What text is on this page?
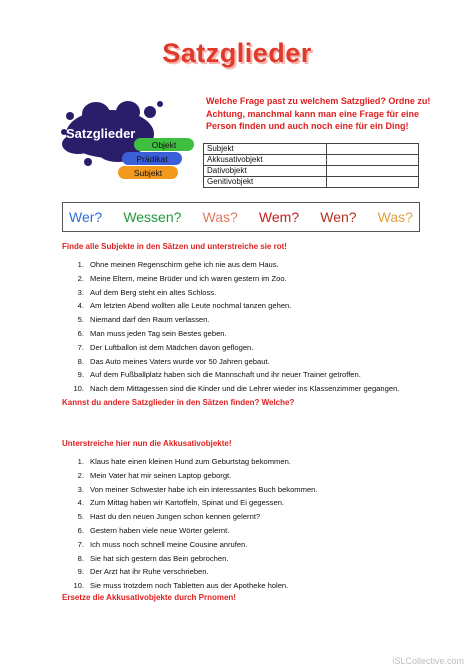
Satzglieder
Satzglieder
Objekt
Prädikat
Subjekt
Welche Frage past zu welchem Satzglied? Ordne zu!
Achtung, manchmal kann man eine Frage für eine
Person finden und auch noch eine für ein Ding!
Subjekt	
Akkusativobjekt	
Dativobjekt	
Genitivobjekt	
Wer? Wessen? Was? Wem? Wen? Was?
Finde alle Subjekte in den Sätzen und unterstreiche sie rot!
1. Ohne meinen Regenschirm gehe ich nie aus dem Haus.
2. Meine Eltern, meine Brüder und ich waren gestern im Zoo.
3. Auf dem Berg steht ein altes Schloss.
4. Am letzten Abend wollten alle Leute nochmal tanzen gehen.
5. Niemand darf den Raum verlassen.
6. Man muss jeden Tag sein Bestes geben.
7. Der Luftballon ist dem Mädchen davon geflogen.
8. Das Auto meines Vaters wurde vor 50 Jahren gebaut.
9. Auf dem Fußballplatz haben sich die Mannschaft und ihr neuer Trainer getroffen.
10. Nach dem Mittagessen sind die Kinder und die Lehrer wieder ins Klassenzimmer gegangen.
Kannst du andere Satzglieder in den Sätzen finden? Welche?
Unterstreiche hier nun die Akkusativobjekte!
1. Klaus hate einen kleinen Hund zum Geburtstag bekommen.
2. Mein Vater hat mir seinen Laptop geborgt.
3. Von meiner Schwester habe ich ein interessantes Buch bekommen.
4. Zum Mittag haben wir Kartoffeln, Spinat und Ei gegessen.
5. Hast du den neuen Jungen schon kennen gelernt?
6. Gestern haben viele neue Wörter gelernt.
7. Ich muss noch schnell meine Cousine anrufen.
8. Sie hat sich gestern das Bein gebrochen.
9. Der Arzt hat ihr Ruhe verschrieben.
10. Sie muss trotzdem noch Tabletten aus der Apotheke holen.
Ersetze die Akkusativobjekte durch Prnomen!
iSLCollective.com
